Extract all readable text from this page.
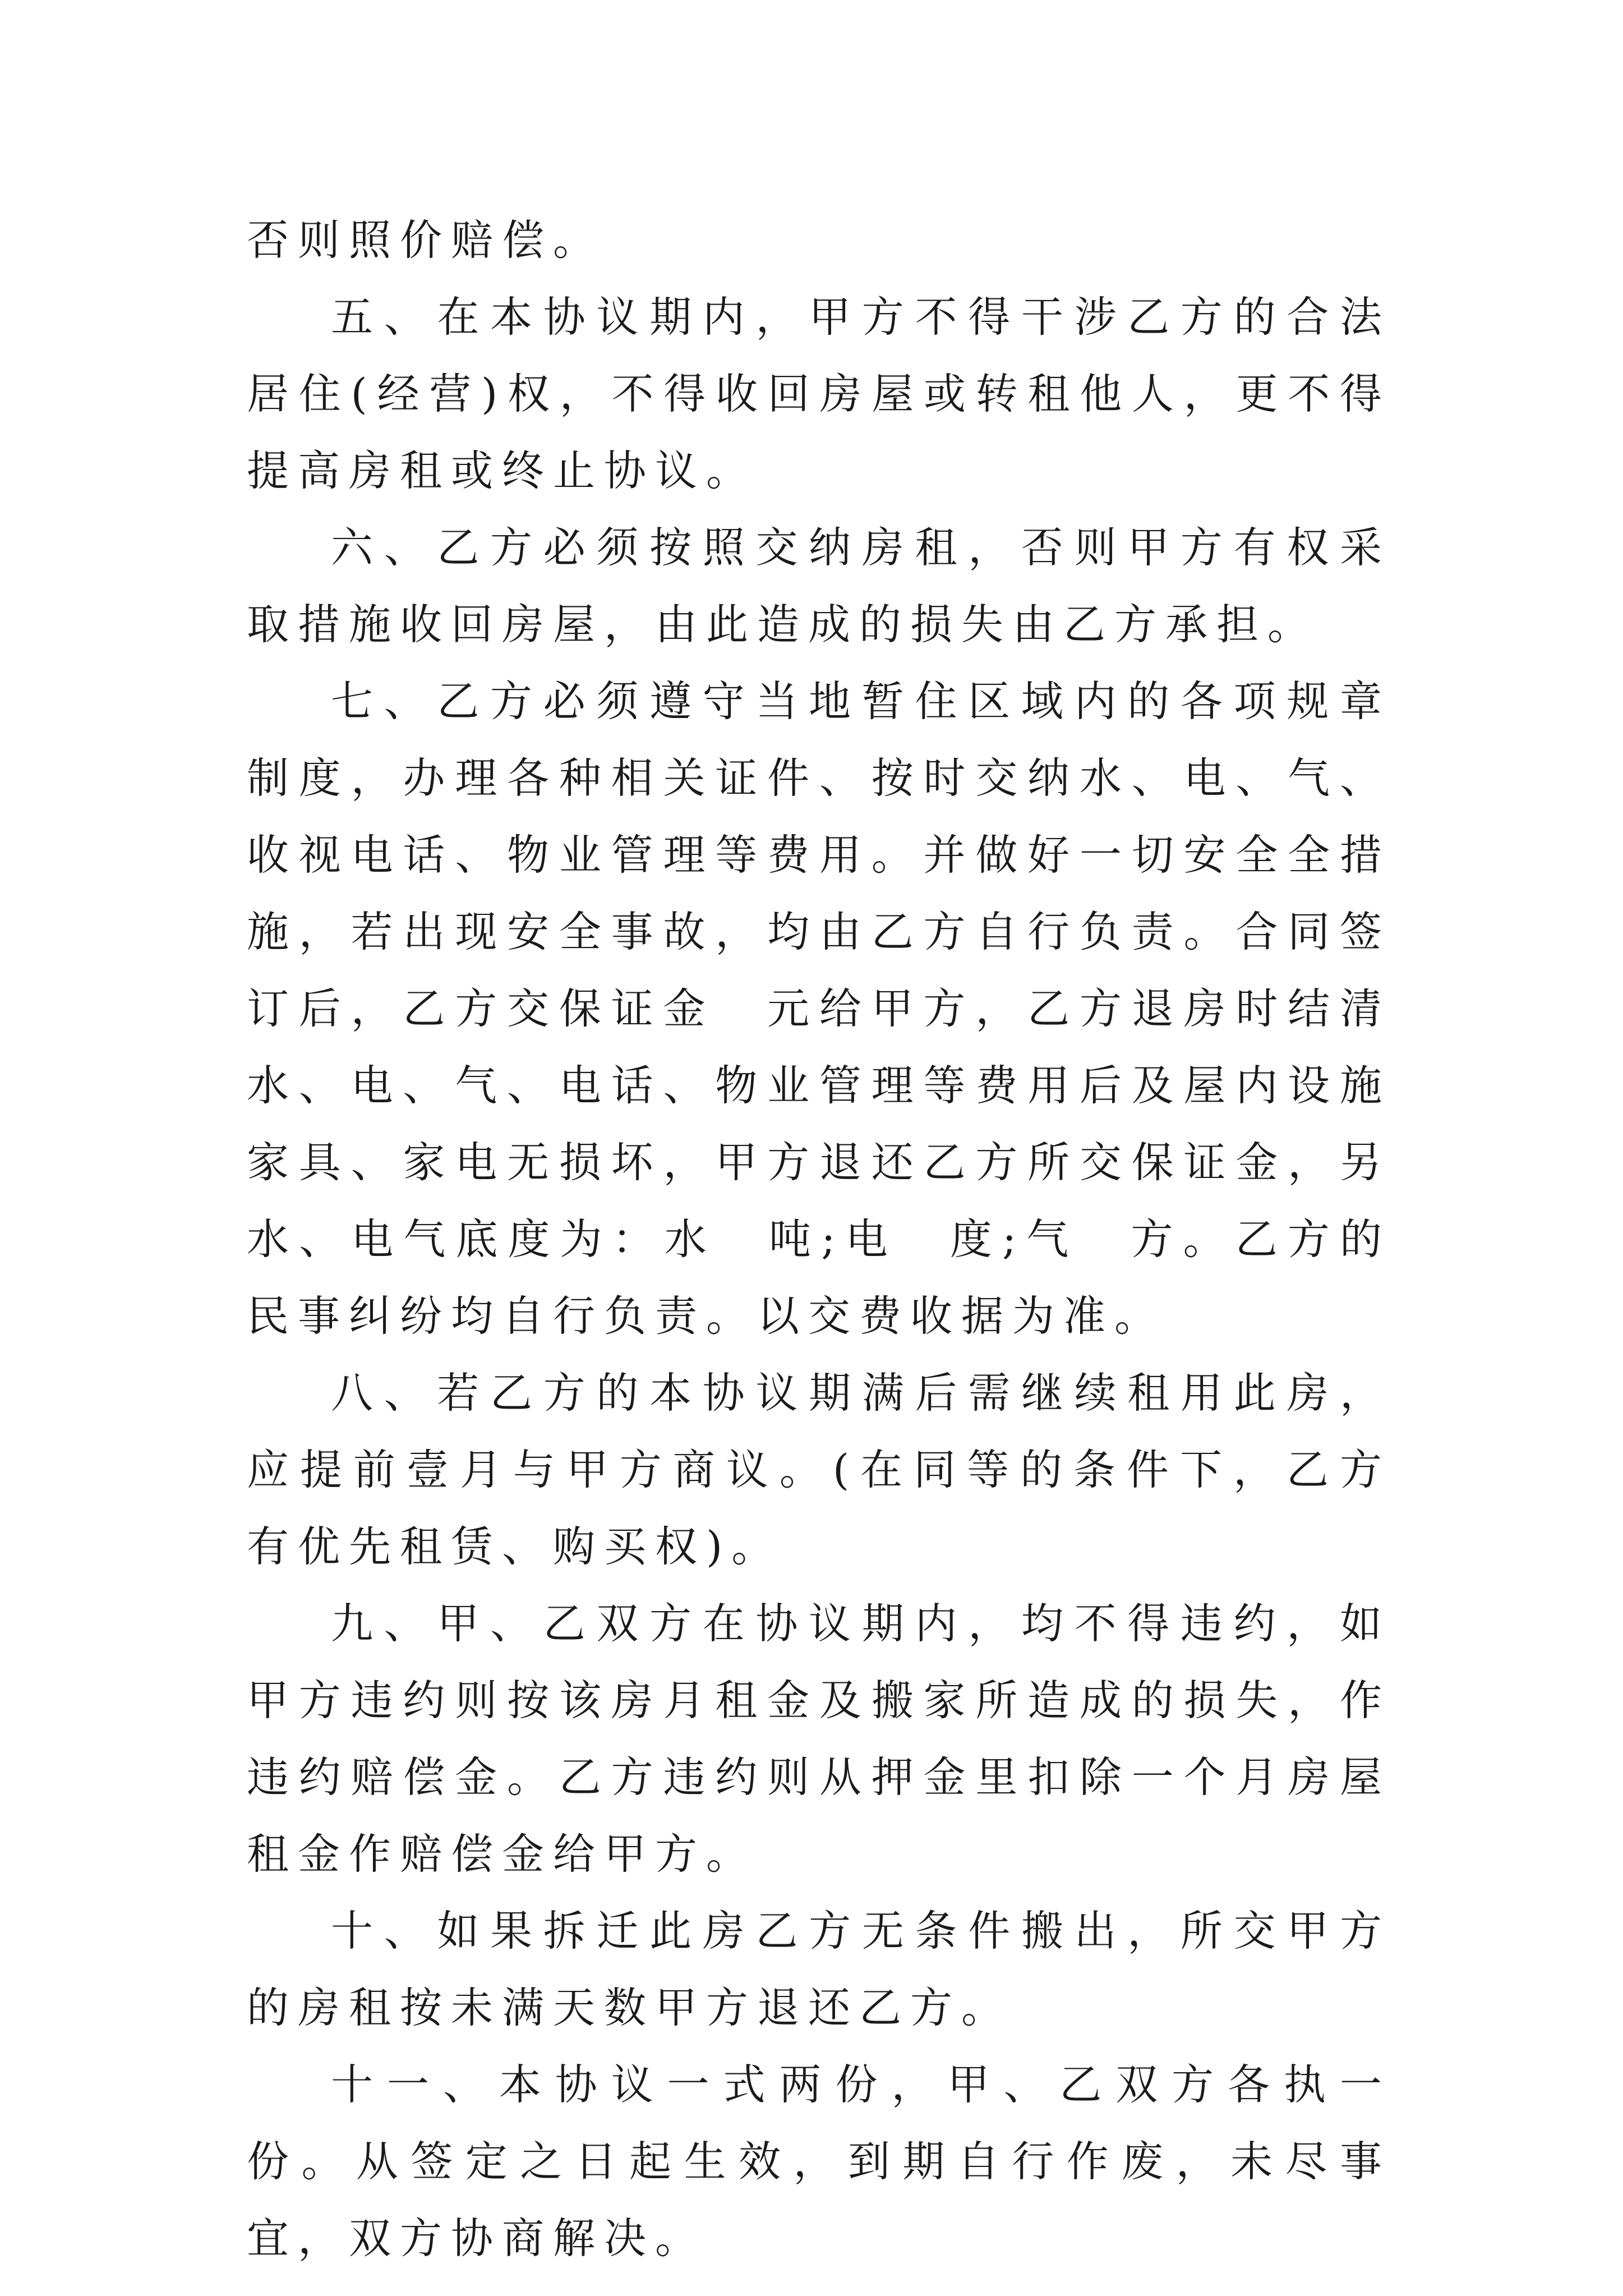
否则照价赔偿。

五、在本协议期内，甲方不得干涉乙方的合法居住(经营)权，不得收回房屋或转租他人，更不得提高房租或终止协议。

六、乙方必须按照交纳房租，否则甲方有权采取措施收回房屋，由此造成的损失由乙方承担。

七、乙方必须遵守当地暂住区域内的各项规章制度，办理各种相关证件、按时交纳水、电、气、收视电话、物业管理等费用。并做好一切安全全措施，若出现安全事故，均由乙方自行负责。合同签订后，乙方交保证金　元给甲方，乙方退房时结清水、电、气、电话、物业管理等费用后及屋内设施家具、家电无损坏，甲方退还乙方所交保证金，另水、电气底度为：水　吨;电　度;气　方。乙方的民事纠纷均自行负责。以交费收据为准。

八、若乙方的本协议期满后需继续租用此房，应提前壹月与甲方商议。(在同等的条件下，乙方有优先租赁、购买权)。

九、甲、乙双方在协议期内，均不得违约，如甲方违约则按该房月租金及搬家所造成的损失，作违约赔偿金。乙方违约则从押金里扣除一个月房屋租金作赔偿金给甲方。

十、如果拆迁此房乙方无条件搬出，所交甲方的房租按未满天数甲方退还乙方。

十一、本协议一式两份，甲、乙双方各执一份。从签定之日起生效，到期自行作废，未尽事宜，双方协商解决。
